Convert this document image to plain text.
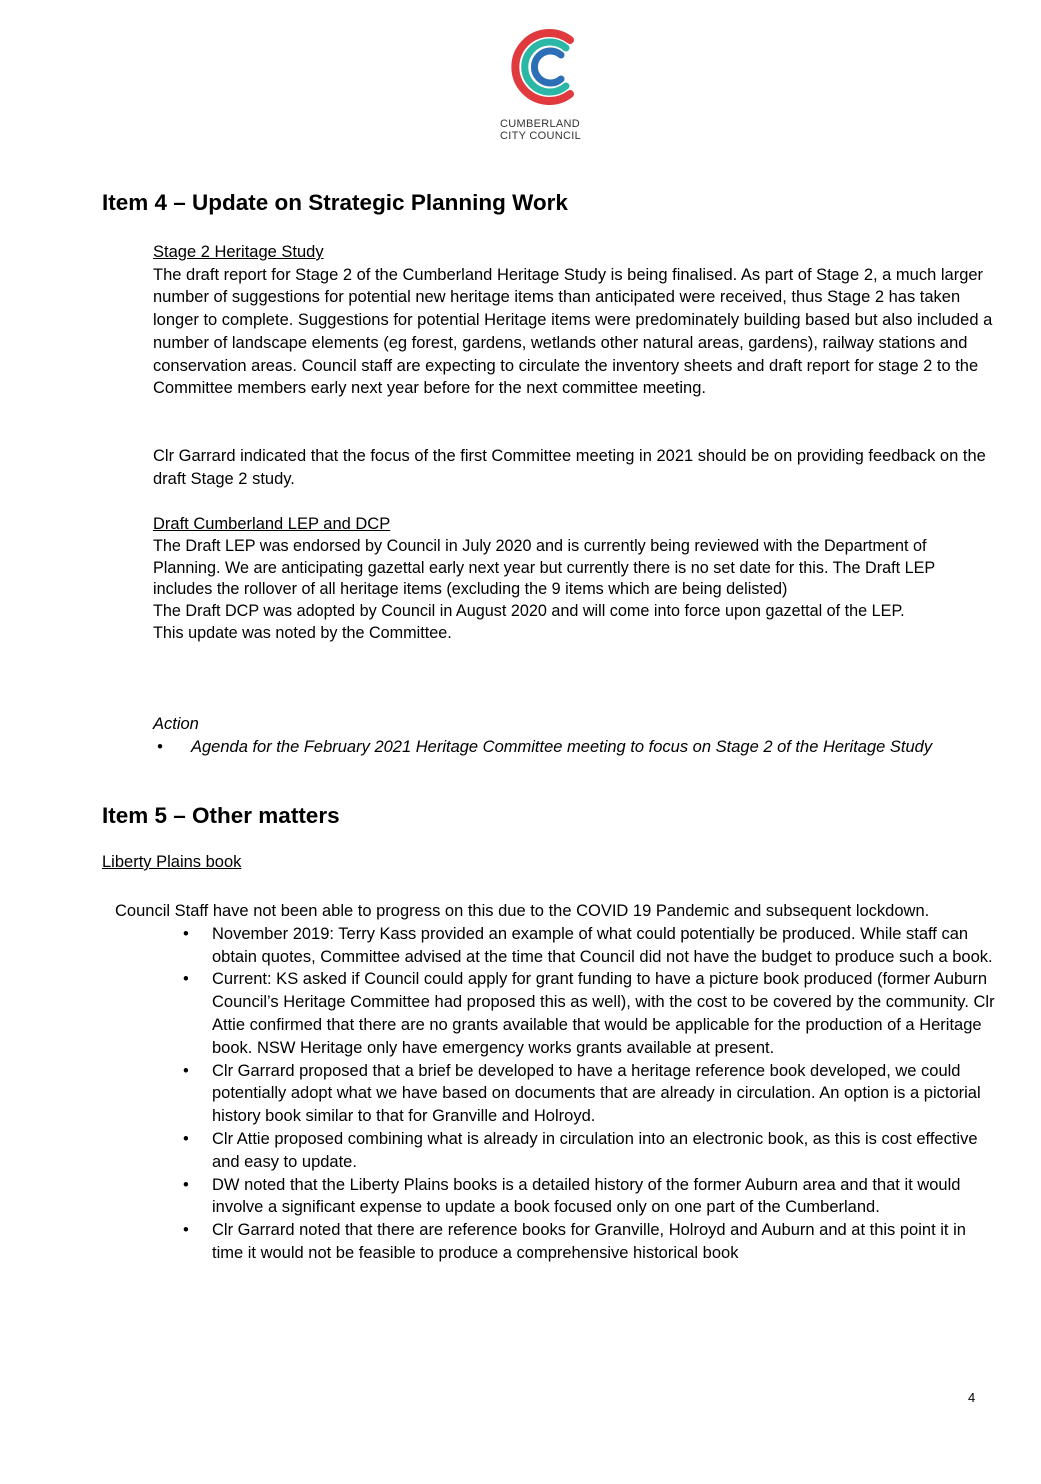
CUMBERLAND
CITY COUNCIL
Item 4 – Update on Strategic Planning Work

Stage 2 Heritage Study

The draft report for Stage 2 of the Cumberland Heritage Study is being finalised. As part of Stage 2, a much larger number of suggestions for potential new heritage items than anticipated were received, thus Stage 2 has taken longer to complete. Suggestions for potential Heritage items were predominately building based but also included a number of landscape elements (eg forest, gardens, wetlands other natural areas, gardens), railway stations and conservation areas. Council staff are expecting to circulate the inventory sheets and draft report for stage 2 to the Committee members early next year before for the next committee meeting.

Clr Garrard indicated that the focus of the first Committee meeting in 2021 should be on providing feedback on the draft Stage 2 study.

Draft Cumberland LEP and DCP

The Draft LEP was endorsed by Council in July 2020 and is currently being reviewed with the Department of Planning. We are anticipating gazettal early next year but currently there is no set date for this. The Draft LEP includes the rollover of all heritage items (excluding the 9 items which are being delisted)

The Draft DCP was adopted by Council in August 2020 and will come into force upon gazettal of the LEP.

This update was noted by the Committee.

Action

• Agenda for the February 2021 Heritage Committee meeting to focus on Stage 2 of the Heritage Study
Item 5 – Other matters
Liberty Plains book

Council Staff have not been able to progress on this due to the COVID 19 Pandemic and subsequent lockdown.

• November 2019: Terry Kass provided an example of what could potentially be produced. While staff can obtain quotes, Committee advised at the time that Council did not have the budget to produce such a book.
• Current: KS asked if Council could apply for grant funding to have a picture book produced (former Auburn Council’s Heritage Committee had proposed this as well), with the cost to be covered by the community. Clr Attie confirmed that there are no grants available that would be applicable for the production of a Heritage book. NSW Heritage only have emergency works grants available at present.
• Clr Garrard proposed that a brief be developed to have a heritage reference book developed, we could potentially adopt what we have based on documents that are already in circulation. An option is a pictorial history book similar to that for Granville and Holroyd.
• Clr Attie proposed combining what is already in circulation into an electronic book, as this is cost effective and easy to update.
• DW noted that the Liberty Plains books is a detailed history of the former Auburn area and that it would involve a significant expense to update a book focused only on one part of the Cumberland.
• Clr Garrard noted that there are reference books for Granville, Holroyd and Auburn and at this point it in time it would not be feasible to produce a comprehensive historical book
4
